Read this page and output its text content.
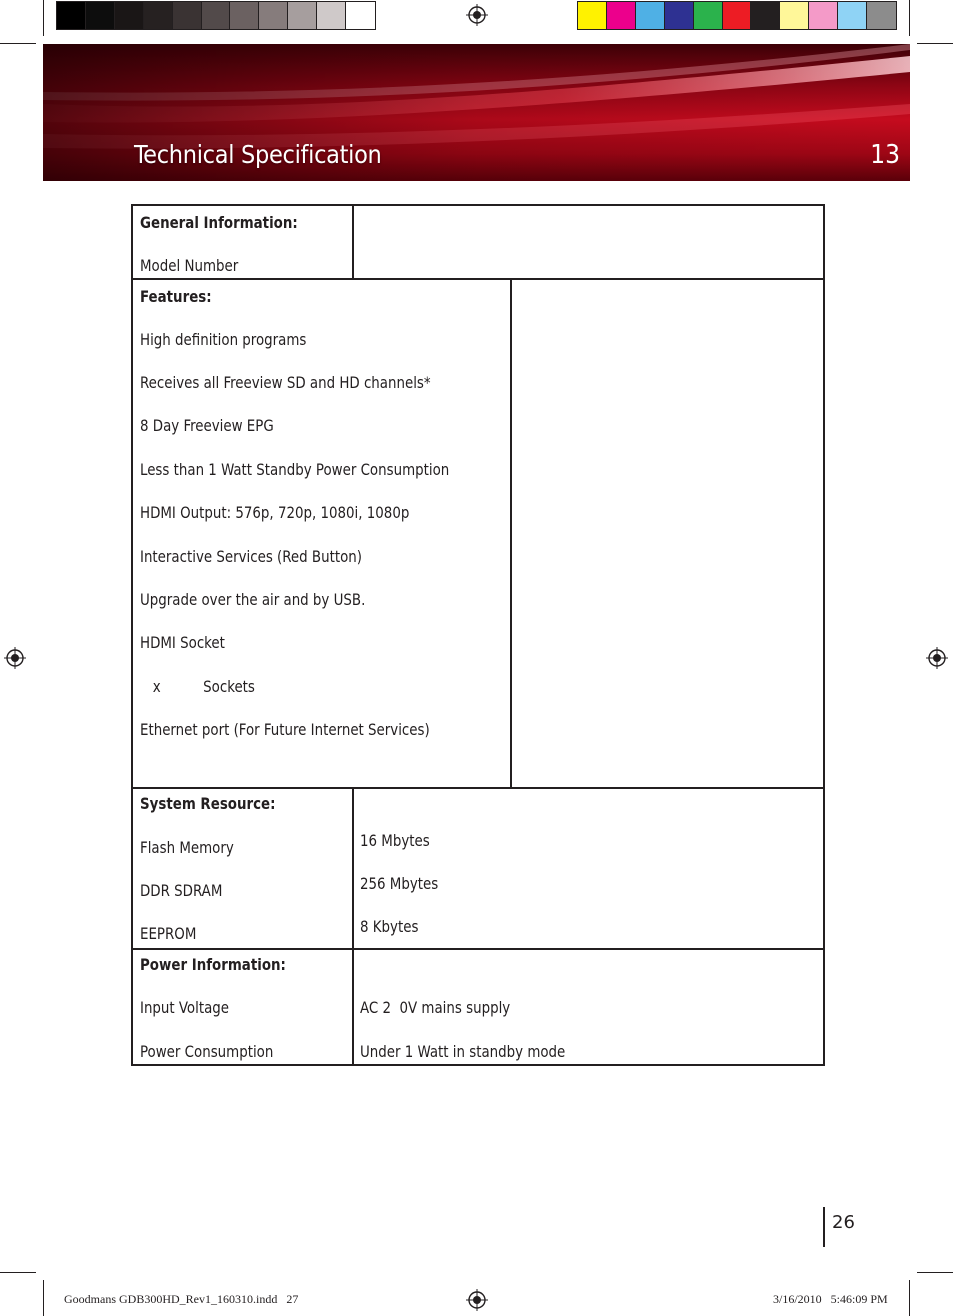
Technical Specification	13
General Information:
Model Number
Features:
High definition programs
Receives all Freeview SD and HD channels*
8 Day Freeview EPG
Less than 1 Watt Standby Power Consumption
HDMI Output: 576p, 720p, 1080i, 1080p
Interactive Services (Red Button)
Upgrade over the air and by USB.
HDMI Socket
x          Sockets
Ethernet port (For Future Internet Services)
System Resource:
Flash Memory	16 Mbytes
DDR SDRAM	256 Mbytes
EEPROM	8 Kbytes
Power Information:
Input Voltage	AC 2  0V mains supply
Power Consumption	Under 1 Watt in standby mode
26
Goodmans GDB300HD_Rev1_160310.indd   27	3/16/2010   5:46:09 PM
